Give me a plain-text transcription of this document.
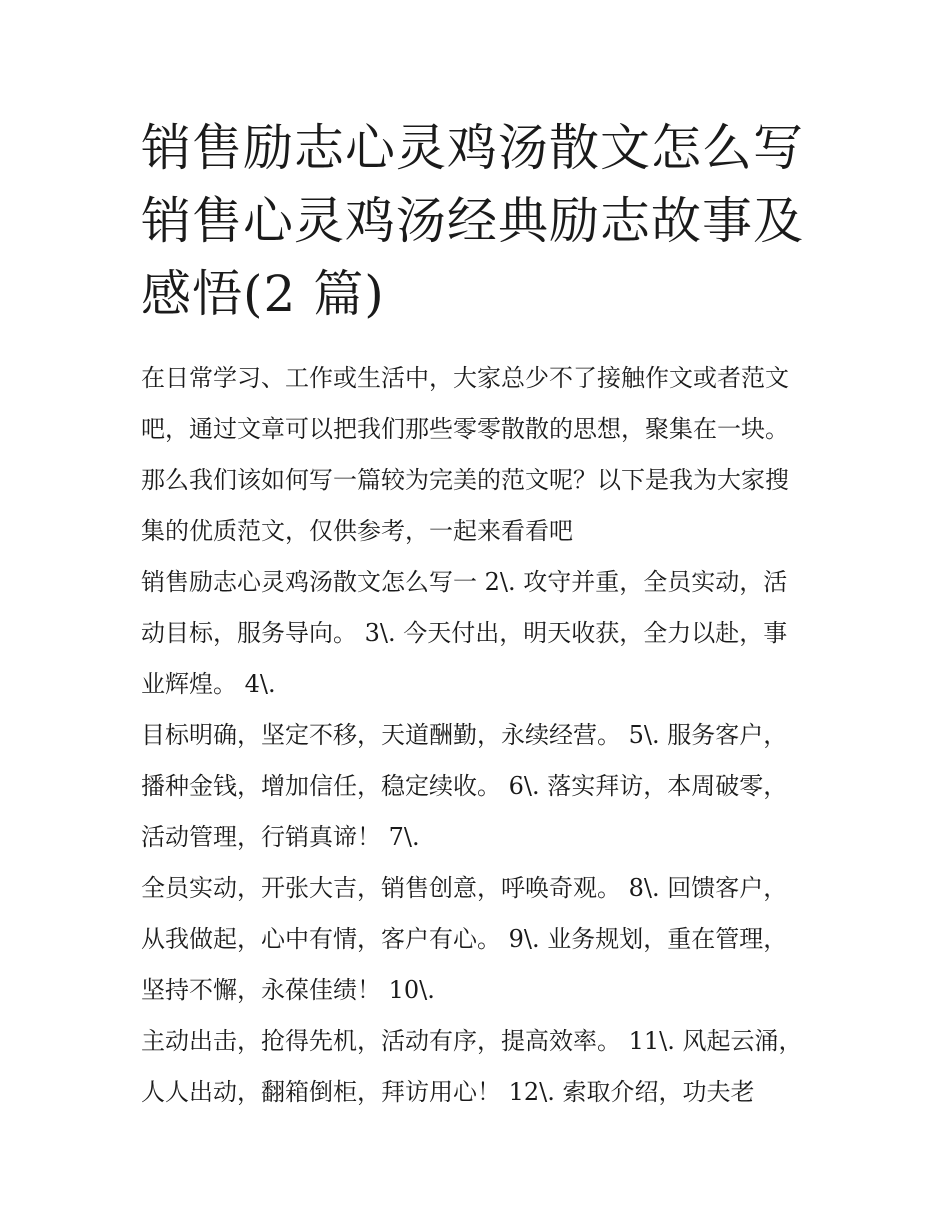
销售励志心灵鸡汤散文怎么写
销售心灵鸡汤经典励志故事及
感悟(2 篇)

在日常学习、工作或生活中，大家总少不了接触作文或者范文
吧，通过文章可以把我们那些零零散散的思想，聚集在一块。
那么我们该如何写一篇较为完美的范文呢？以下是我为大家搜
集的优质范文，仅供参考，一起来看看吧

销售励志心灵鸡汤散文怎么写一 2\. 攻守并重，全员实动，活
动目标，服务导向。 3\. 今天付出，明天收获，全力以赴，事
业辉煌。 4\.

目标明确，坚定不移，天道酬勤，永续经营。 5\. 服务客户，
播种金钱，增加信任，稳定续收。 6\. 落实拜访，本周破零，
活动管理，行销真谛！ 7\.

全员实动，开张大吉，销售创意，呼唤奇观。 8\. 回馈客户，
从我做起，心中有情，客户有心。 9\. 业务规划，重在管理，
坚持不懈，永葆佳绩！ 10\.

主动出击，抢得先机，活动有序，提高效率。 11\. 风起云涌，
人人出动，翻箱倒柜，拜访用心！ 12\. 索取介绍，功夫老
